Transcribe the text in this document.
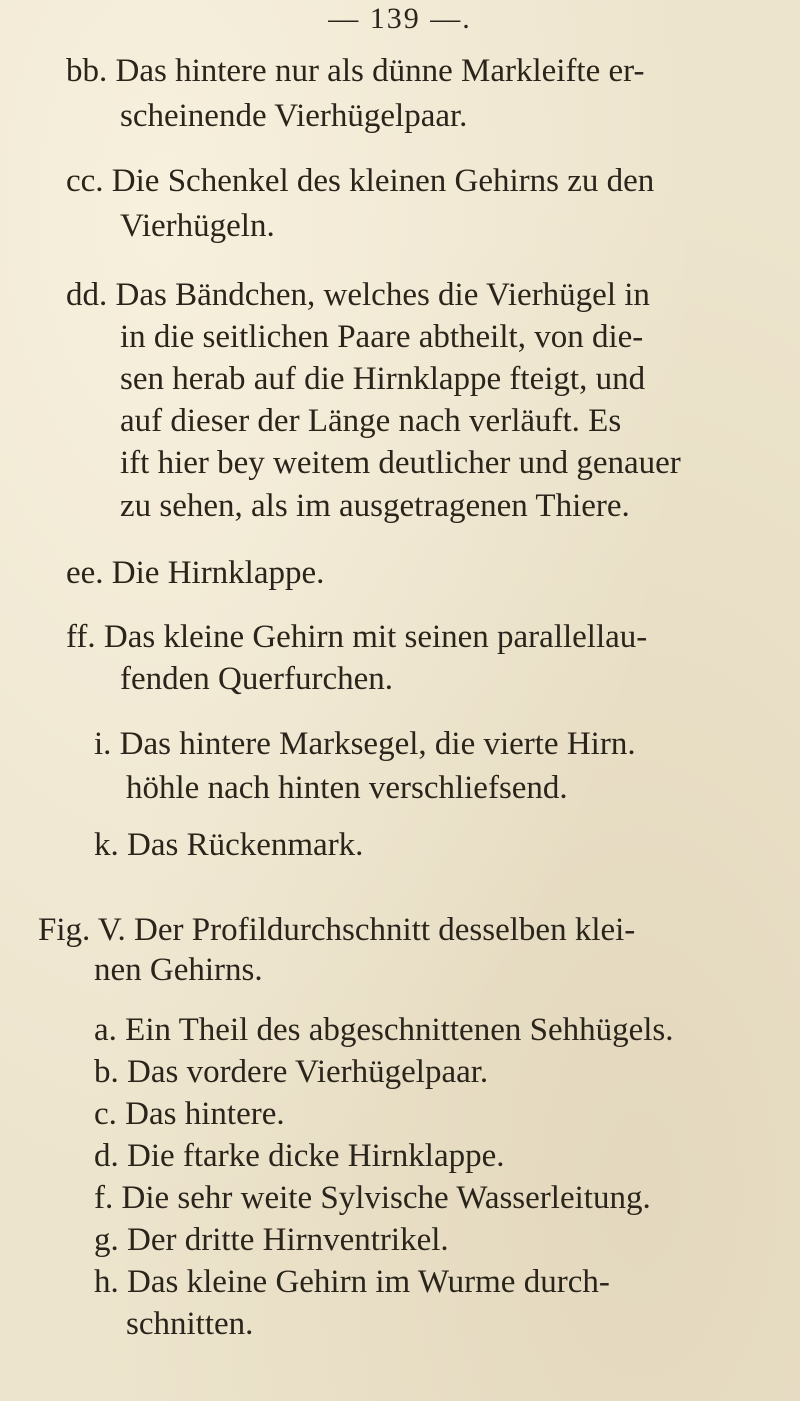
— 139 —.
bb. Das hintere nur als dünne Markleifte er-
scheinende Vierhügelpaar.
cc. Die Schenkel des kleinen Gehirns zu den
Vierhügeln.
dd. Das Bändchen, welches die Vierhügel in
in die seitlichen Paare abtheilt, von die-
sen herab auf die Hirnklappe fteigt, und
auf dieser der Länge nach verläuft. Es
ift hier bey weitem deutlicher und genauer
zu sehen, als im ausgetragenen Thiere.
ee. Die Hirnklappe.
ff. Das kleine Gehirn mit seinen parallellau-
fenden Querfurchen.
i. Das hintere Marksegel, die vierte Hirn.
höhle nach hinten verschliefsend.
k. Das Rückenmark.
Fig. V. Der Profildurchschnitt desselben klei-
nen Gehirns.
a. Ein Theil des abgeschnittenen Sehhügels.
b. Das vordere Vierhügelpaar.
c. Das hintere.
d. Die ftarke dicke Hirnklappe.
f. Die sehr weite Sylvische Wasserleitung.
g. Der dritte Hirnventrikel.
h. Das kleine Gehirn im Wurme durch-
schnitten.
